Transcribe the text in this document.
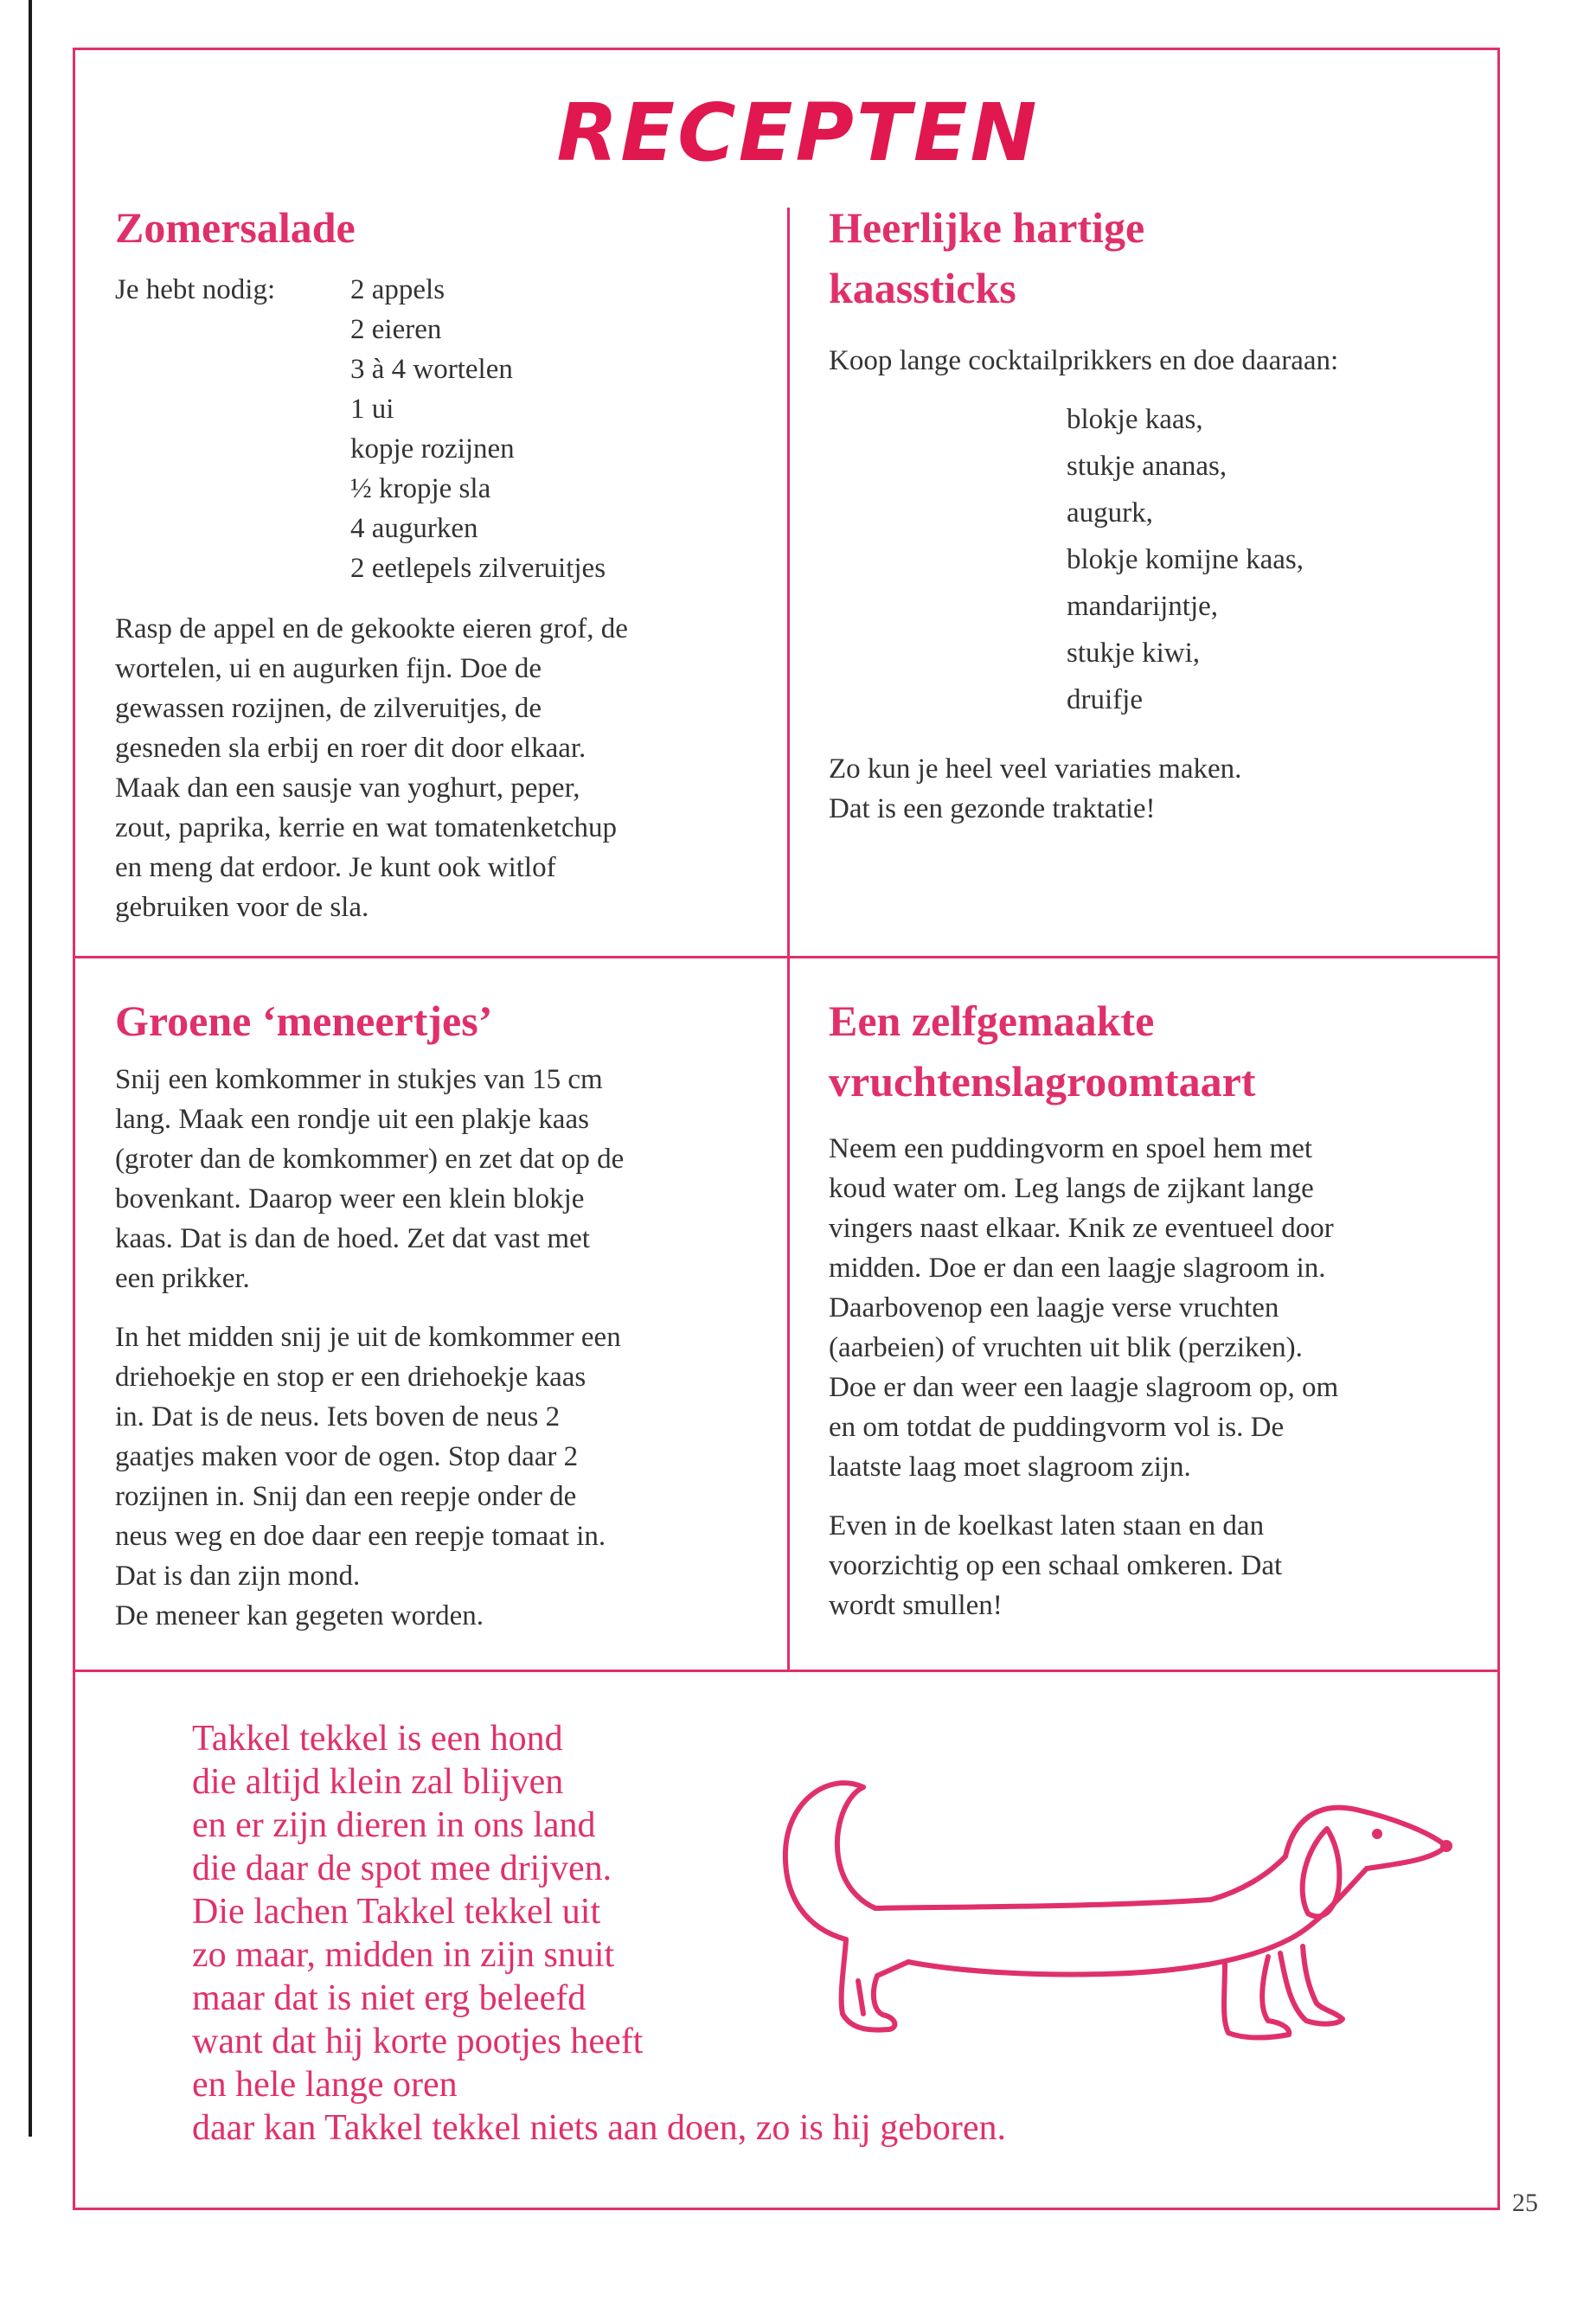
RECEPTEN
Zomersalade
Je hebt nodig:	2 appels
2 eieren
3 à 4 wortelen
1 ui
kopje rozijnen
½ kropje sla
4 augurken
2 eetlepels zilveruitjes
Rasp de appel en de gekookte eieren grof, de
wortelen, ui en augurken fijn. Doe de
gewassen rozijnen, de zilveruitjes, de
gesneden sla erbij en roer dit door elkaar.
Maak dan een sausje van yoghurt, peper,
zout, paprika, kerrie en wat tomatenketchup
en meng dat erdoor. Je kunt ook witlof
gebruiken voor de sla.
Heerlijke hartige
kaassticks
Koop lange cocktailprikkers en doe daaraan:
blokje kaas,
stukje ananas,
augurk,
blokje komijne kaas,
mandarijntje,
stukje kiwi,
druifje
Zo kun je heel veel variaties maken.
Dat is een gezonde traktatie!
Groene ‘meneertjes’
Snij een komkommer in stukjes van 15 cm
lang. Maak een rondje uit een plakje kaas
(groter dan de komkommer) en zet dat op de
bovenkant. Daarop weer een klein blokje
kaas. Dat is dan de hoed. Zet dat vast met
een prikker.
In het midden snij je uit de komkommer een
driehoekje en stop er een driehoekje kaas
in. Dat is de neus. Iets boven de neus 2
gaatjes maken voor de ogen. Stop daar 2
rozijnen in. Snij dan een reepje onder de
neus weg en doe daar een reepje tomaat in.
Dat is dan zijn mond.
De meneer kan gegeten worden.
Een zelfgemaakte
vruchtenslagroomtaart
Neem een puddingvorm en spoel hem met
koud water om. Leg langs de zijkant lange
vingers naast elkaar. Knik ze eventueel door
midden. Doe er dan een laagje slagroom in.
Daarbovenop een laagje verse vruchten
(aarbeien) of vruchten uit blik (perziken).
Doe er dan weer een laagje slagroom op, om
en om totdat de puddingvorm vol is. De
laatste laag moet slagroom zijn.
Even in de koelkast laten staan en dan
voorzichtig op een schaal omkeren. Dat
wordt smullen!
Takkel tekkel is een hond
die altijd klein zal blijven
en er zijn dieren in ons land
die daar de spot mee drijven.
Die lachen Takkel tekkel uit
zo maar, midden in zijn snuit
maar dat is niet erg beleefd
want dat hij korte pootjes heeft
en hele lange oren
daar kan Takkel tekkel niets aan doen, zo is hij geboren.
25
